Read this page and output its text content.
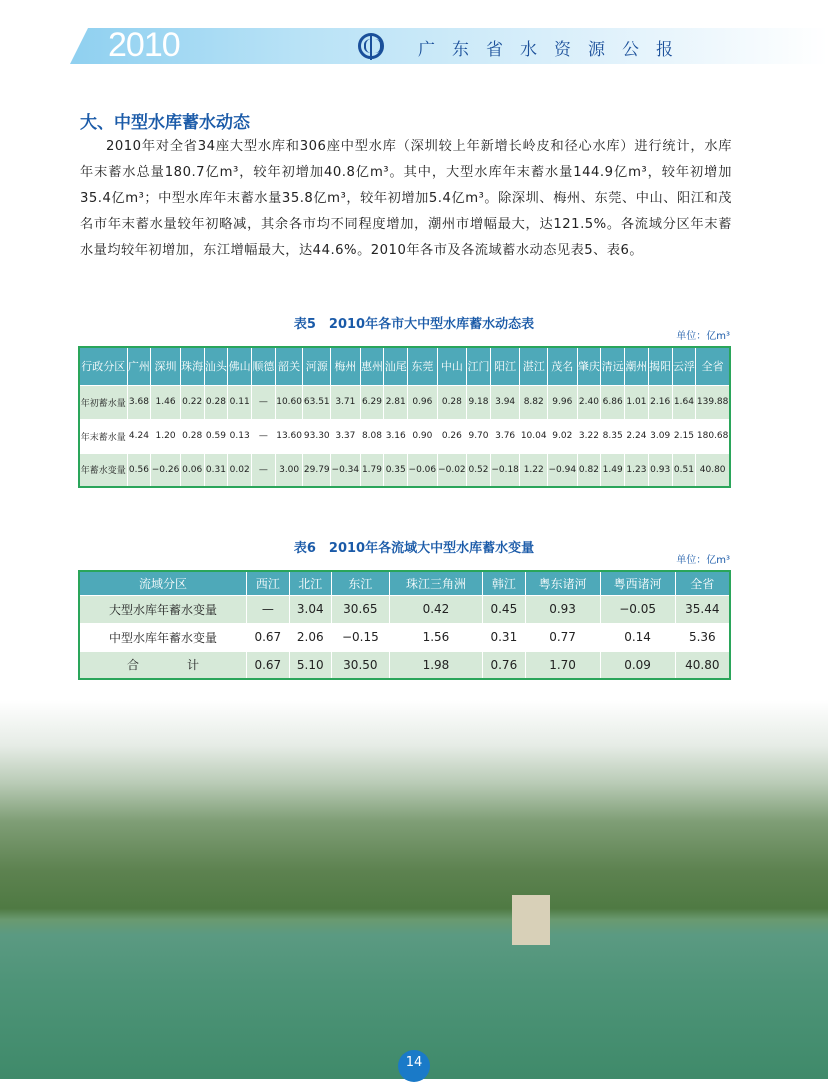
2010	广东省水资源公报
大、中型水库蓄水动态
2010年对全省34座大型水库和306座中型水库（深圳较上年新增长岭皮和径心水库）进行统计，水库年末蓄水总量180.7亿m³，较年初增加40.8亿m³。其中，大型水库年末蓄水量144.9亿m³，较年初增加35.4亿m³；中型水库年末蓄水量35.8亿m³，较年初增加5.4亿m³。除深圳、梅州、东莞、中山、阳江和茂名市年末蓄水量较年初略减，其余各市均不同程度增加，潮州市增幅最大，达121.5%。各流域分区年末蓄水量均较年初增加，东江增幅最大，达44.6%。2010年各市及各流域蓄水动态见表5、表6。
表5　2010年各市大中型水库蓄水动态表
单位：亿m³
行政分区	广州	深圳	珠海	汕头	佛山	顺德	韶关	河源	梅州	惠州	汕尾	东莞	中山	江门	阳江	湛江	茂名	肇庆	清远	潮州	揭阳	云浮	全省
年初蓄水量	3.68	1.46	0.22	0.28	0.11	—	10.60	63.51	3.71	6.29	2.81	0.96	0.28	9.18	3.94	8.82	9.96	2.40	6.86	1.01	2.16	1.64	139.88
年末蓄水量	4.24	1.20	0.28	0.59	0.13	—	13.60	93.30	3.37	8.08	3.16	0.90	0.26	9.70	3.76	10.04	9.02	3.22	8.35	2.24	3.09	2.15	180.68
年蓄水变量	0.56	−0.26	0.06	0.31	0.02	—	3.00	29.79	−0.34	1.79	0.35	−0.06	−0.02	0.52	−0.18	1.22	−0.94	0.82	1.49	1.23	0.93	0.51	40.80
表6　2010年各流域大中型水库蓄水变量
单位：亿m³
流域分区	西江	北江	东江	珠江三角洲	韩江	粤东诸河	粤西诸河	全省
大型水库年蓄水变量	—	3.04	30.65	0.42	0.45	0.93	−0.05	35.44
中型水库年蓄水变量	0.67	2.06	−0.15	1.56	0.31	0.77	0.14	5.36
合　　　　计	0.67	5.10	30.50	1.98	0.76	1.70	0.09	40.80
14
